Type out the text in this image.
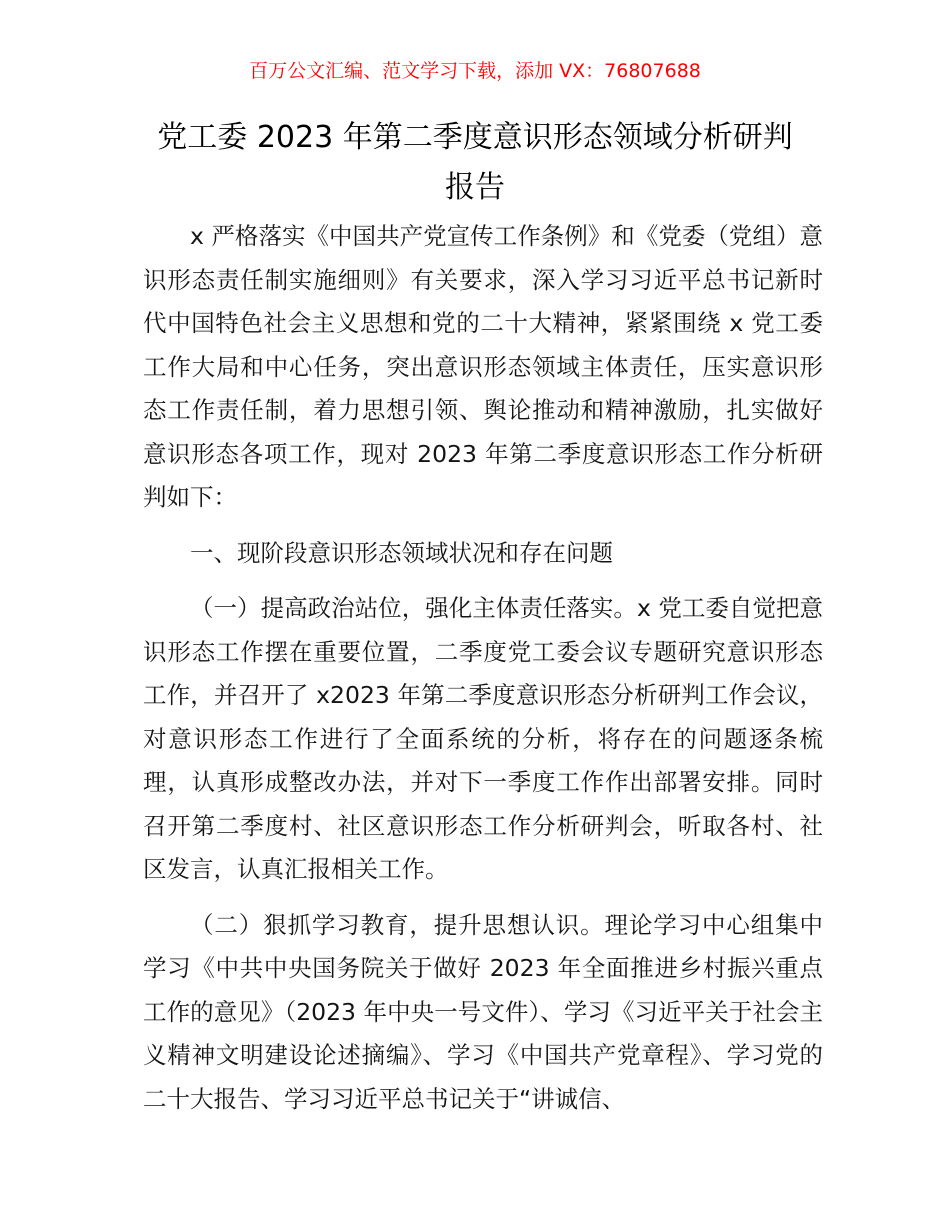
百万公文汇编、范文学习下载，添加 VX：76807688
党工委 2023 年第二季度意识形态领域分析研判
报告

x 严格落实《中国共产党宣传工作条例》和《党委（党组）意识形态责任制实施细则》有关要求，深入学习习近平总书记新时代中国特色社会主义思想和党的二十大精神，紧紧围绕 x 党工委工作大局和中心任务，突出意识形态领域主体责任，压实意识形态工作责任制，着力思想引领、舆论推动和精神激励，扎实做好意识形态各项工作，现对 2023 年第二季度意识形态工作分析研判如下：

一、现阶段意识形态领域状况和存在问题

（一）提高政治站位，强化主体责任落实。x 党工委自觉把意识形态工作摆在重要位置，二季度党工委会议专题研究意识形态工作，并召开了 x2023 年第二季度意识形态分析研判工作会议，对意识形态工作进行了全面系统的分析，将存在的问题逐条梳理，认真形成整改办法，并对下一季度工作作出部署安排。同时召开第二季度村、社区意识形态工作分析研判会，听取各村、社区发言，认真汇报相关工作。

（二）狠抓学习教育，提升思想认识。理论学习中心组集中学习《中共中央国务院关于做好 2023 年全面推进乡村振兴重点工作的意见》（2023 年中央一号文件）、学习《习近平关于社会主义精神文明建设论述摘编》、学习《中国共产党章程》、学习党的二十大报告、学习习近平总书记关于“讲诚信、
